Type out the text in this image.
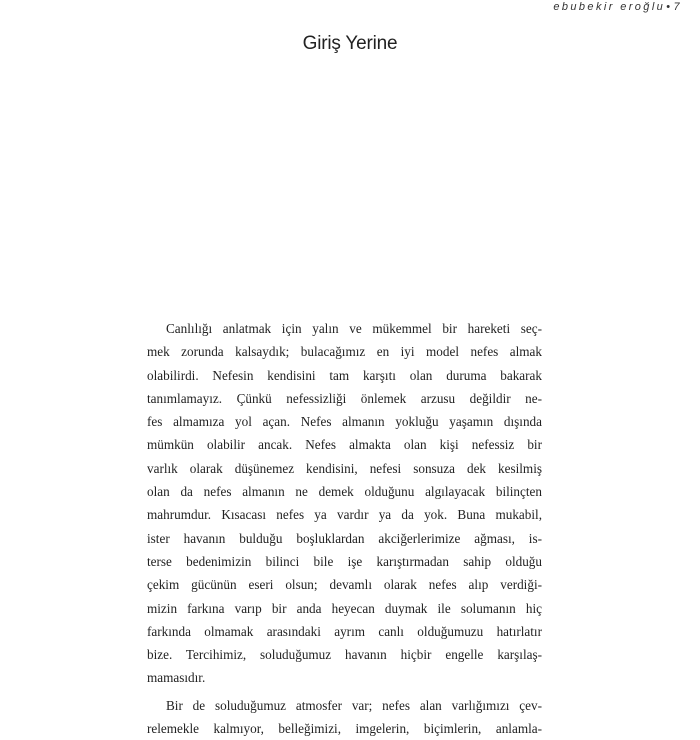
ebubekir eroğlu•7
Giriş Yerine
Canlılığı anlatmak için yalın ve mükemmel bir hareketi seç-
mek zorunda kalsaydık; bulacağımız en iyi model nefes almak
olabilirdi. Nefesin kendisini tam karşıtı olan duruma bakarak
tanımlamayız. Çünkü nefessizliği önlemek arzusu değildir ne-
fes almamıza yol açan. Nefes almanın yokluğu yaşamın dışında
mümkün olabilir ancak. Nefes almakta olan kişi nefessiz bir
varlık olarak düşünemez kendisini, nefesi sonsuza dek kesilmiş
olan da nefes almanın ne demek olduğunu algılayacak bilinçten
mahrumdur. Kısacası nefes ya vardır ya da yok. Buna mukabil,
ister havanın bulduğu boşluklardan akciğerlerimize ağması, is-
terse bedenimizin bilinci bile işe karıştırmadan sahip olduğu
çekim gücünün eseri olsun; devamlı olarak nefes alıp verdiği-
mizin farkına varıp bir anda heyecan duymak ile solumanın hiç
farkında olmamak arasındaki ayrım canlı olduğumuzu hatırlatır
bize. Tercihimiz, soluduğumuz havanın hiçbir engelle karşılaş-
mamasıdır.
Bir de soluduğumuz atmosfer var; nefes alan varlığımızı çev-
relemekle kalmıyor, belleğimizi, imgelerin, biçimlerin, anlamla-
